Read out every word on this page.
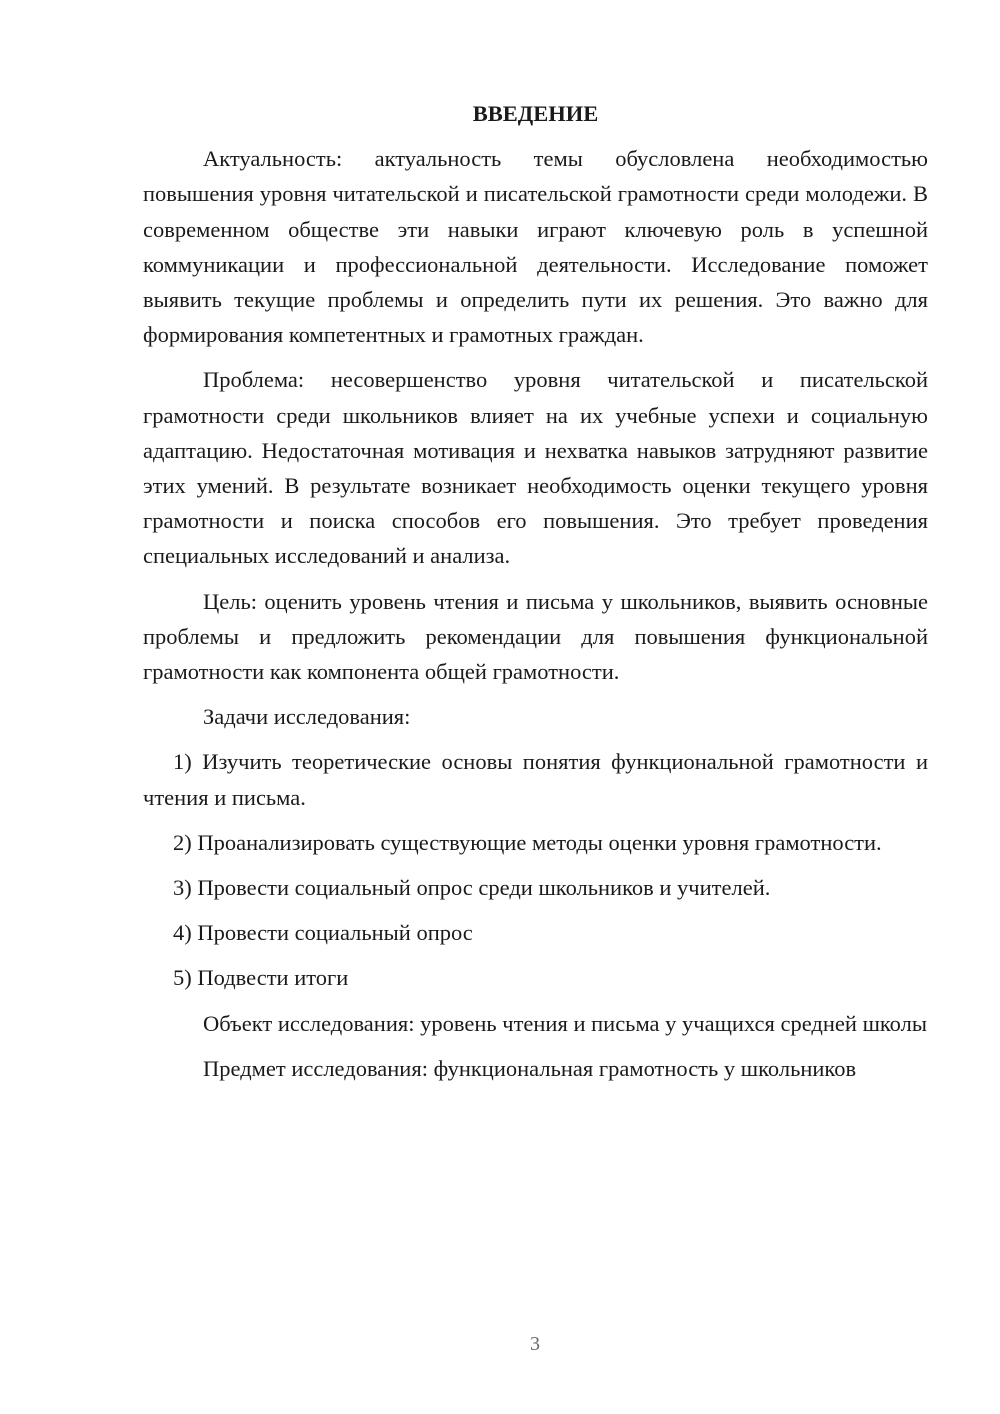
ВВЕДЕНИЕ

Актуальность: актуальность темы обусловлена необходимостью повышения уровня читательской и писательской грамотности среди молодежи. В современном обществе эти навыки играют ключевую роль в успешной коммуникации и профессиональной деятельности. Исследование поможет выявить текущие проблемы и определить пути их решения. Это важно для формирования компетентных и грамотных граждан.

Проблема: несовершенство уровня читательской и писательской грамотности среди школьников влияет на их учебные успехи и социальную адаптацию. Недостаточная мотивация и нехватка навыков затрудняют развитие этих умений. В результате возникает необходимость оценки текущего уровня грамотности и поиска способов его повышения. Это требует проведения специальных исследований и анализа.

Цель: оценить уровень чтения и письма у школьников, выявить основные проблемы и предложить рекомендации для повышения функциональной грамотности как компонента общей грамотности.

Задачи исследования:

1) Изучить теоретические основы понятия функциональной грамотности и чтения и письма.

2) Проанализировать существующие методы оценки уровня грамотности.

3) Провести социальный опрос среди школьников и учителей.

4) Провести социальный опрос

5) Подвести итоги

Объект исследования: уровень чтения и письма у учащихся средней школы

Предмет исследования: функциональная грамотность у школьников

3
